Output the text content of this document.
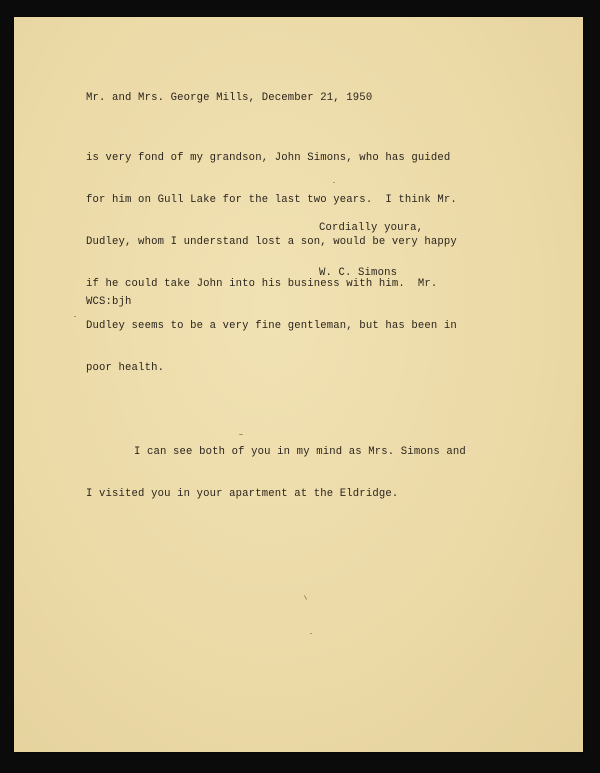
Mr. and Mrs. George Mills, December 21, 1950

is very fond of my grandson, John Simons, who has guided

for him on Gull Lake for the last two years.  I think Mr.

Dudley, whom I understand lost a son, would be very happy

if he could take John into his business with him.  Mr.

Dudley seems to be a very fine gentleman, but has been in

poor health.

I can see both of you in my mind as Mrs. Simons and

I visited you in your apartment at the Eldridge.

Cordially youra,
W. C. Simons
WCS:bjh
